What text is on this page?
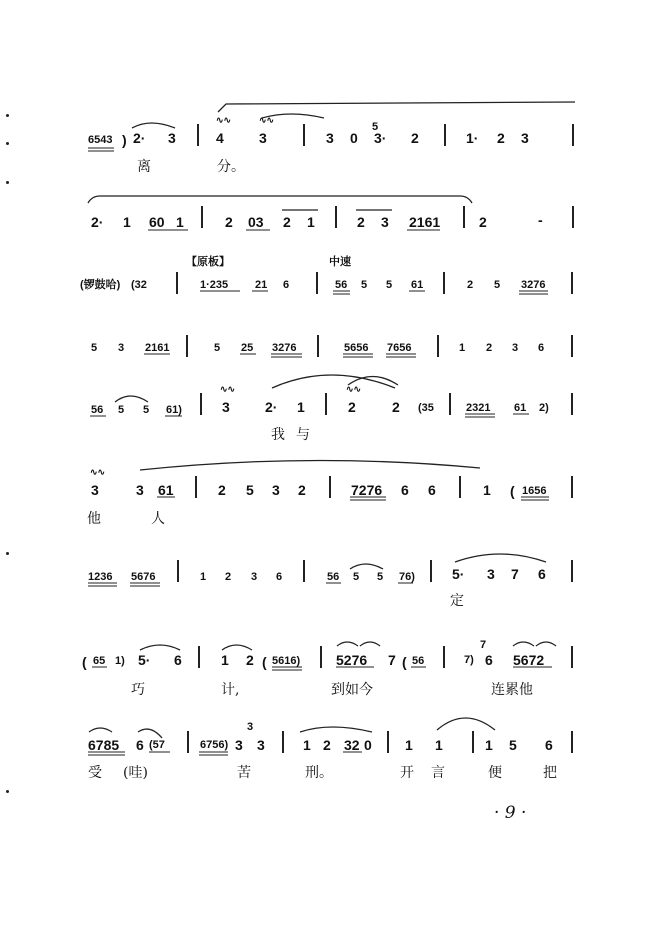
6543 ) 2· 3	4	3	3 0 3· 2	1· 2 3
离	分。
2· 1 60 1	2 03 2 1	2 3 2161	2	-
(锣鼓哈) (32	1·235 21 6	56 5 5 61	2 5 3276
5 3 2161	5 25 3276	5656 7656	1 2 3 6
56 5 5 61)	3	2· 1	2	2 (35	2321 61 2)
我 与
3	3 61	2 5 3 2	7276 6 6	1 ( 1656
他	人
1236 5676	1 2 3 6	56 5 5 76)	5· 3 7 6
定
( 65 1) 5· 6	1 2 ( 5616)	5276 7 ( 56	7) 6 5672
巧	计,	到如今	连累他
6785 6 (57	6756) 3 3	1 2 32 0 1 1	1 5 6
受 (哇)	苦	刑。	开 言	便	把
【原板】	中速
5
7
3
∿∿	∿∿
∿∿	∿∿
∿∿
· 9 ·
